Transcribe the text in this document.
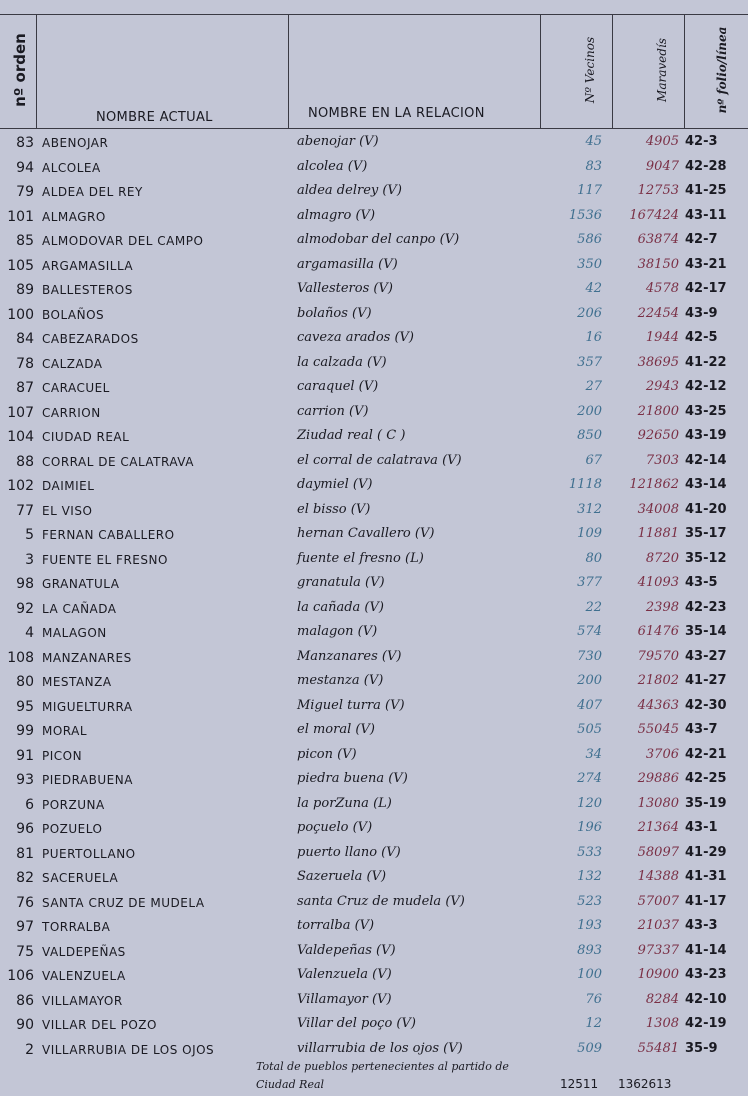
nº orden
NOMBRE ACTUAL	NOMBRE EN LA RELACION
Nº Vecinos	Maravedís	nº folio/línea
83 ABENOJAR	abenojar (V)	45	4905 42-3
94 ALCOLEA	alcolea (V)	83	9047 42-28
79 ALDEA DEL REY	aldea delrey (V)	117	12753 41-25
101 ALMAGRO	almagro (V)	1536 167424 43-11
85 ALMODOVAR DEL CAMPO	almodobar del canpo (V)	586	63874 42-7
105 ARGAMASILLA	argamasilla (V)	350	38150 43-21
89 BALLESTEROS	Vallesteros (V)	42	4578 42-17
100 BOLAÑOS	bolaños (V)	206	22454 43-9
84 CABEZARADOS	caveza arados (V)	16	1944 42-5
78 CALZADA	la calzada (V)	357	38695 41-22
87 CARACUEL	caraquel (V)	27	2943 42-12
107 CARRION	carrion (V)	200	21800 43-25
104 CIUDAD REAL	Ziudad real ( C )	850	92650 43-19
88 CORRAL DE CALATRAVA	el corral de calatrava (V)	67	7303 42-14
102 DAIMIEL	daymiel (V)	1118 121862 43-14
77 EL VISO	el bisso (V)	312	34008 41-20
5 FERNAN CABALLERO	hernan Cavallero (V)	109	11881 35-17
3 FUENTE EL FRESNO	fuente el fresno (L)	80	8720 35-12
98 GRANATULA	granatula (V)	377	41093 43-5
92 LA CAÑADA	la cañada (V)	22	2398 42-23
4 MALAGON	malagon (V)	574	61476 35-14
108 MANZANARES	Manzanares (V)	730	79570 43-27
80 MESTANZA	mestanza (V)	200	21802 41-27
95 MIGUELTURRA	Miguel turra (V)	407	44363 42-30
99 MORAL	el moral (V)	505	55045 43-7
91 PICON	picon (V)	34	3706 42-21
93 PIEDRABUENA	piedra buena (V)	274	29886 42-25
6 PORZUNA	la porZuna (L)	120	13080 35-19
96 POZUELO	poçuelo (V)	196	21364 43-1
81 PUERTOLLANO	puerto llano (V)	533	58097 41-29
82 SACERUELA	Sazeruela (V)	132	14388 41-31
76 SANTA CRUZ DE MUDELA	santa Cruz de mudela (V)	523	57007 41-17
97 TORRALBA	torralba (V)	193	21037 43-3
75 VALDEPEÑAS	Valdepeñas (V)	893	97337 41-14
106 VALENZUELA	Valenzuela (V)	100	10900 43-23
86 VILLAMAYOR	Villamayor (V)	76	8284 42-10
90 VILLAR DEL POZO	Villar del poço (V)	12	1308 42-19
2 VILLARRUBIA DE LOS OJOS	villarrubia de los ojos (V)	509	55481 35-9
Total de pueblos pertenecientes al partido de
Ciudad Real	12511 1362613
